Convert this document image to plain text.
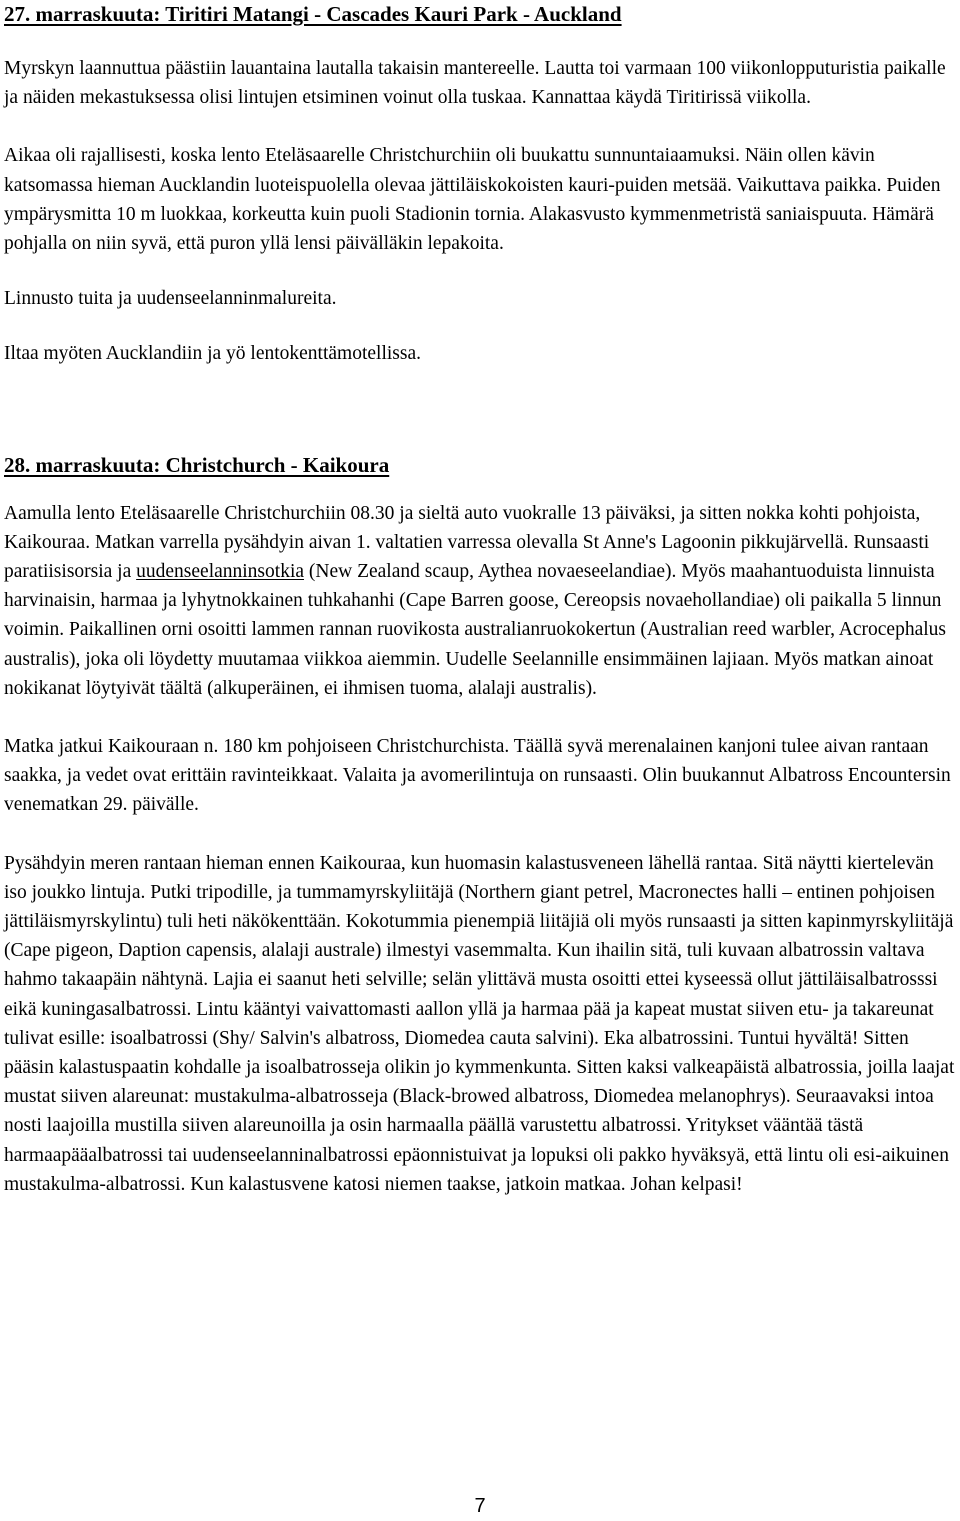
27. marraskuuta: Tiritiri Matangi - Cascades Kauri Park - Auckland

Myrskyn laannuttua päästiin lauantaina lautalla takaisin mantereelle. Lautta toi varmaan 100 viikonlopputuristia paikalle ja näiden mekastuksessa olisi lintujen etsiminen voinut olla tuskaa. Kannattaa käydä Tiritirissä viikolla.

Aikaa oli rajallisesti, koska lento Eteläsaarelle Christchurchiin oli buukattu sunnuntaiaamuksi. Näin ollen kävin katsomassa hieman Aucklandin luoteispuolella olevaa jättiläiskokoisten kauri-puiden metsää. Vaikuttava paikka. Puiden ympärysmitta 10 m luokkaa, korkeutta kuin puoli Stadionin tornia. Alakasvusto kymmenmetristä saniaispuuta. Hämärä pohjalla on niin syvä, että puron yllä lensi päivälläkin lepakoita.

Linnusto tuita ja uudenseelanninmalureita.

Iltaa myöten Aucklandiin ja yö lentokenttämotellissa.

28. marraskuuta: Christchurch - Kaikoura

Aamulla lento Eteläsaarelle Christchurchiin 08.30 ja sieltä auto vuokralle 13 päiväksi, ja sitten nokka kohti pohjoista, Kaikouraa. Matkan varrella pysähdyin aivan 1. valtatien varressa olevalla St Anne's Lagoonin pikkujärvellä. Runsaasti paratiisisorsia ja uudenseelanninsotkia (New Zealand scaup, Aythea novaeseelandiae). Myös maahantuoduista linnuista harvinaisin, harmaa ja lyhytnokkainen tuhkahanhi (Cape Barren goose, Cereopsis novaehollandiae) oli paikalla 5 linnun voimin. Paikallinen orni osoitti lammen rannan ruovikosta australianruokokertun (Australian reed warbler, Acrocephalus australis), joka oli löydetty muutamaa viikkoa aiemmin. Uudelle Seelannille ensimmäinen lajiaan. Myös matkan ainoat nokikanat löytyivät täältä (alkuperäinen, ei ihmisen tuoma, alalaji australis).

Matka jatkui Kaikouraan n. 180 km pohjoiseen Christchurchista. Täällä syvä merenalainen kanjoni tulee aivan rantaan saakka, ja vedet ovat erittäin ravinteikkaat. Valaita ja avomerilintuja on runsaasti. Olin buukannut Albatross Encountersin venematkan 29. päivälle.

Pysähdyin meren rantaan hieman ennen Kaikouraa, kun huomasin kalastusveneen lähellä rantaa. Sitä näytti kiertelevän iso joukko lintuja. Putki tripodille, ja tummamyrskyliitäjä (Northern giant petrel, Macronectes halli – entinen pohjoisen jättiläismyrskylintu) tuli heti näkökenttään. Kokotummia pienempiä liitäjiä oli myös runsaasti ja sitten kapinmyrskyliitäjä (Cape pigeon, Daption capensis, alalaji australe) ilmestyi vasemmalta. Kun ihailin sitä, tuli kuvaan albatrossin valtava hahmo takaapäin nähtynä. Lajia ei saanut heti selville; selän ylittävä musta osoitti ettei kyseessä ollut jättiläisalbatrosssi eikä kuningasalbatrossi. Lintu kääntyi vaivattomasti aallon yllä ja harmaa pää ja kapeat mustat siiven etu- ja takareunat tulivat esille: isoalbatrossi (Shy/ Salvin's albatross, Diomedea cauta salvini). Eka albatrossini. Tuntui hyvältä! Sitten pääsin kalastuspaatin kohdalle ja isoalbatrosseja olikin jo kymmenkunta. Sitten kaksi valkeapäistä albatrossia, joilla laajat mustat siiven alareunat: mustakulma-albatrosseja (Black-browed albatross, Diomedea melanophrys). Seuraavaksi intoa nosti laajoilla mustilla siiven alareunoilla ja osin harmaalla päällä varustettu albatrossi. Yritykset vääntää tästä harmaapääalbatrossi tai uudenseelanninalbatrossi epäonnistuivat ja lopuksi oli pakko hyväksyä, että lintu oli esi-aikuinen mustakulma-albatrossi. Kun kalastusvene katosi niemen taakse, jatkoin matkaa. Johan kelpasi!

7
